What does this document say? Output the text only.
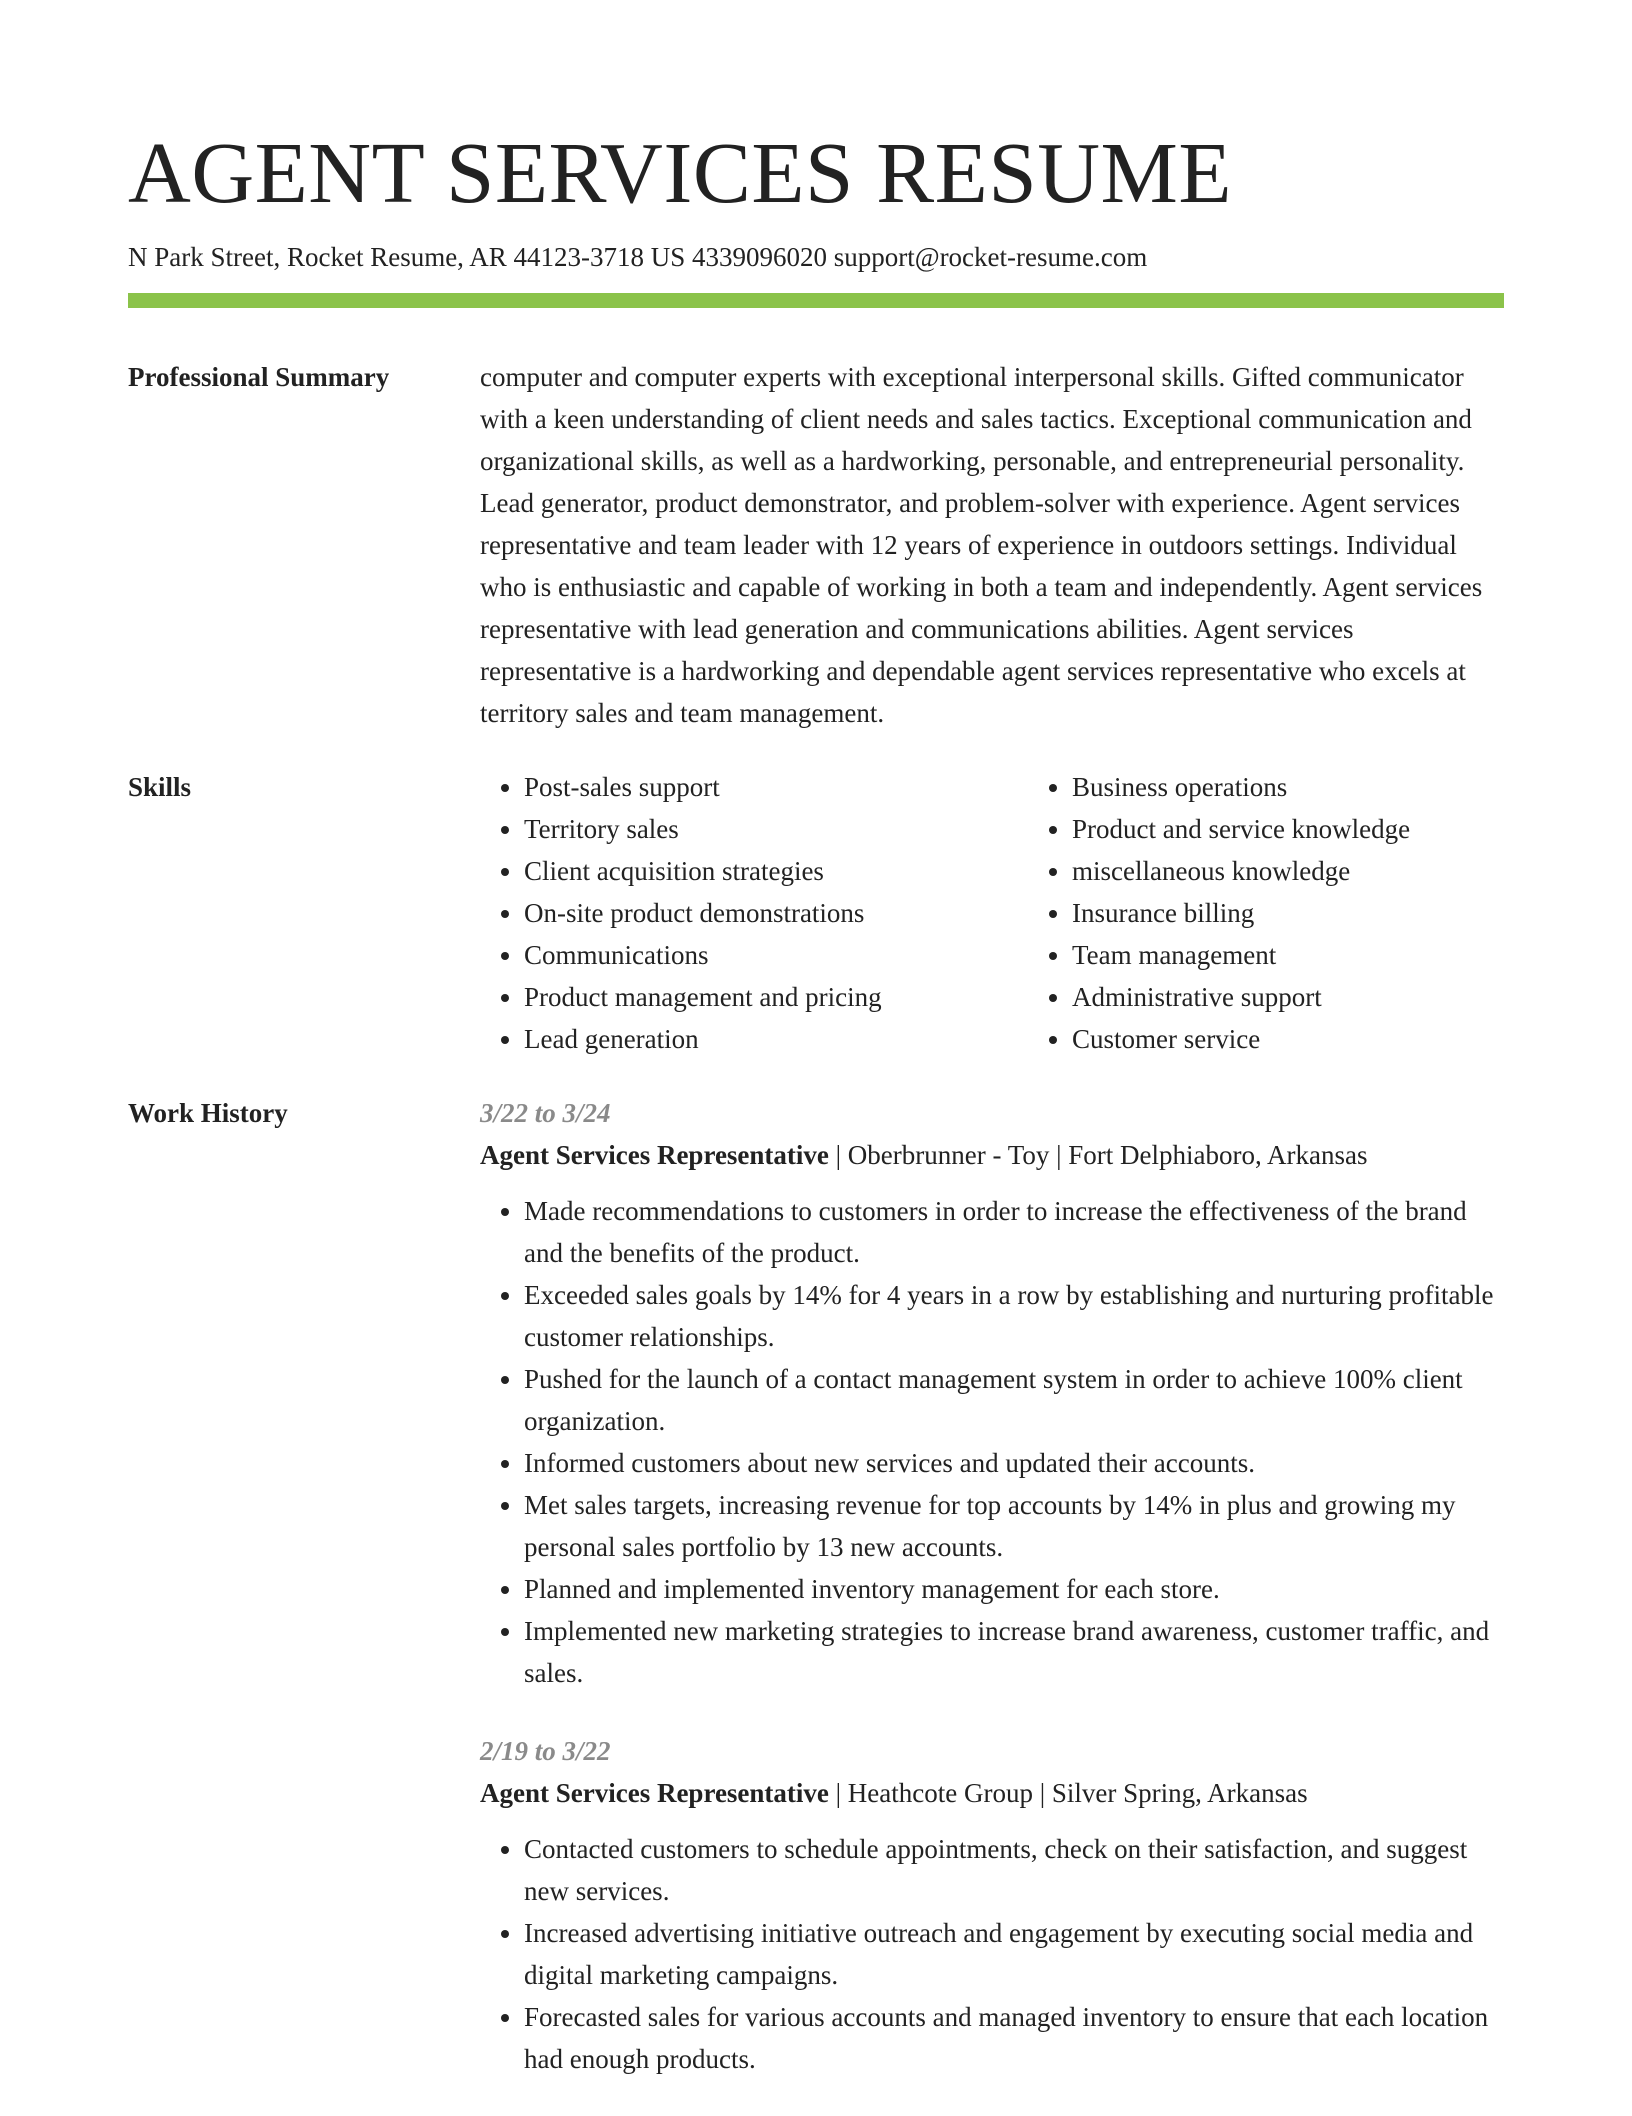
AGENT SERVICES RESUME
N Park Street, Rocket Resume, AR 44123-3718 US 4339096020 support@rocket-resume.com
Professional Summary	computer and computer experts with exceptional interpersonal skills. Gifted communicator with a keen understanding of client needs and sales tactics. Exceptional communication and organizational skills, as well as a hardworking, personable, and entrepreneurial personality. Lead generator, product demonstrator, and problem-solver with experience. Agent services representative and team leader with 12 years of experience in outdoors settings. Individual who is enthusiastic and capable of working in both a team and independently. Agent services representative with lead generation and communications abilities. Agent services representative is a hardworking and dependable agent services representative who excels at territory sales and team management.

Skills
•	Post-sales support
• Territory sales
• Client acquisition strategies
• On-site product demonstrations
• Communications
• Product management and pricing
• Lead generation
• Business operations
• Product and service knowledge
• miscellaneous knowledge
• Insurance billing
• Team management
• Administrative support
• Customer service
Work History	3/22 to 3/24
Agent Services Representative | Oberbrunner - Toy | Fort Delphiaboro, Arkansas
• Made recommendations to customers in order to increase the effectiveness of the brand and the benefits of the product.
• Exceeded sales goals by 14% for 4 years in a row by establishing and nurturing profitable customer relationships.
• Pushed for the launch of a contact management system in order to achieve 100% client organization.
• Informed customers about new services and updated their accounts.
• Met sales targets, increasing revenue for top accounts by 14% in plus and growing my personal sales portfolio by 13 new accounts.
• Planned and implemented inventory management for each store.
• Implemented new marketing strategies to increase brand awareness, customer traffic, and sales.
2/19 to 3/22
Agent Services Representative | Heathcote Group | Silver Spring, Arkansas
• Contacted customers to schedule appointments, check on their satisfaction, and suggest new services.
• Increased advertising initiative outreach and engagement by executing social media and digital marketing campaigns.
• Forecasted sales for various accounts and managed inventory to ensure that each location had enough products.
